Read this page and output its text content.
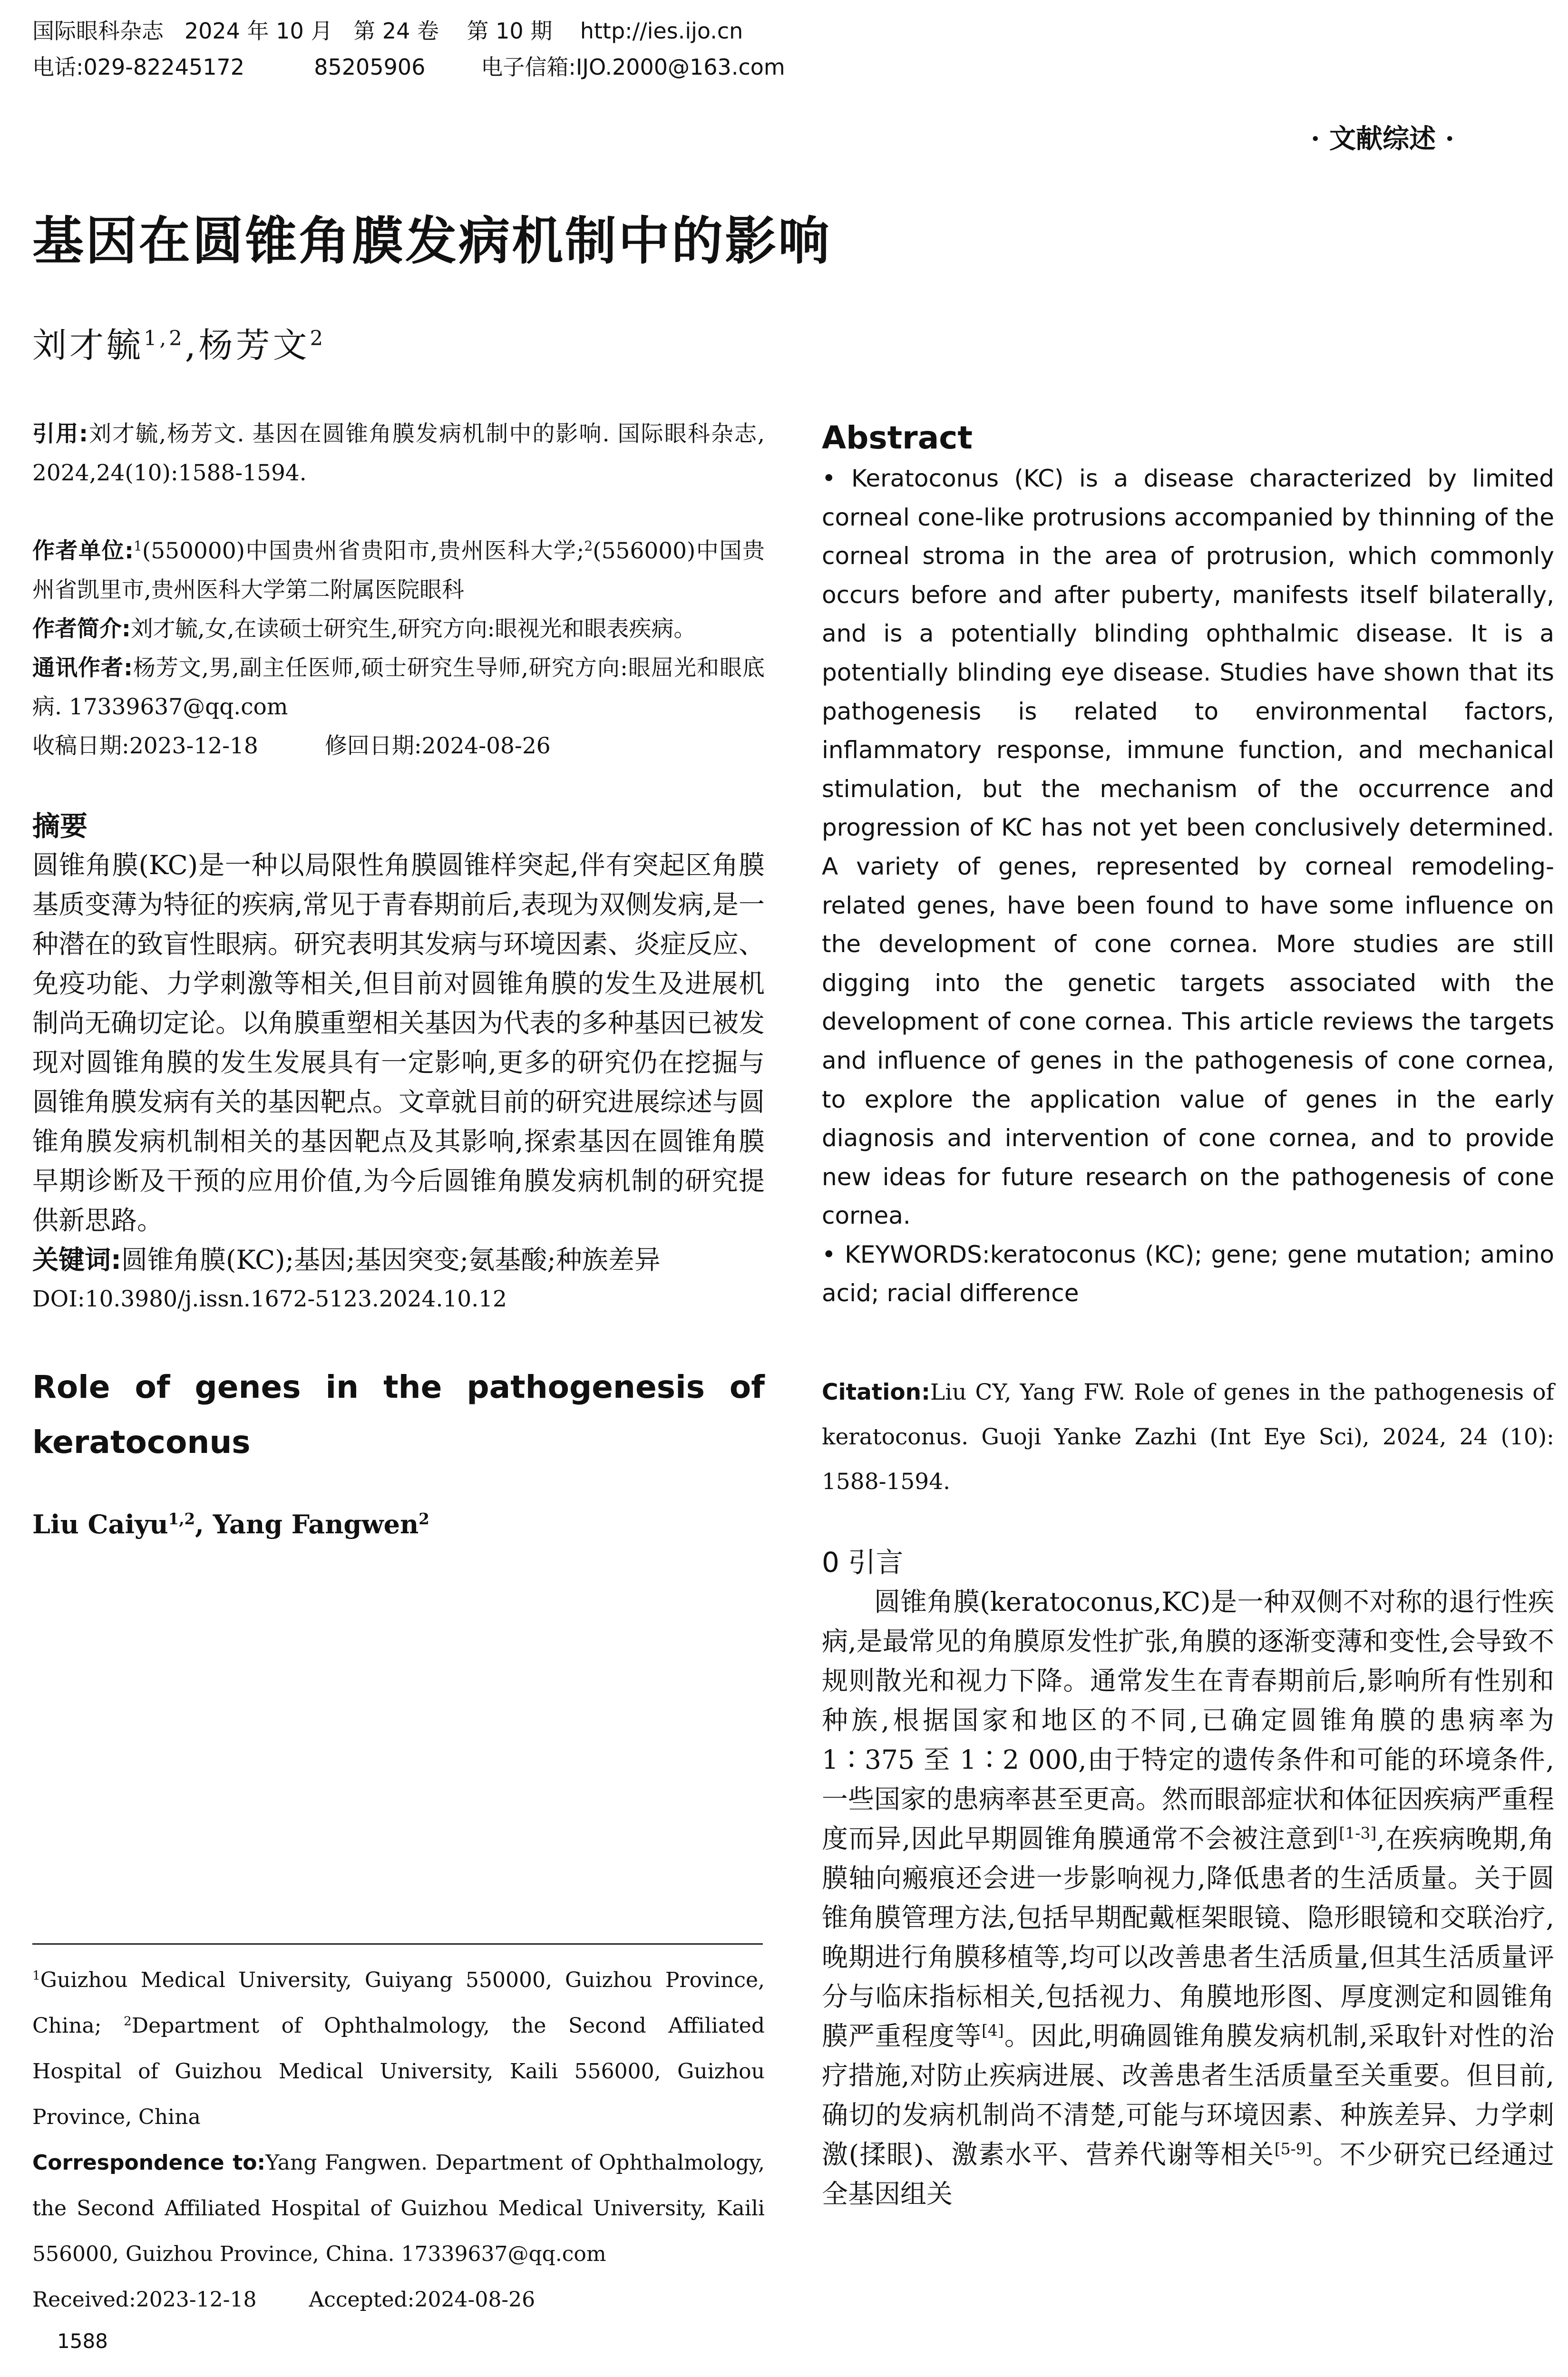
国际眼科杂志   2024 年 10 月   第 24 卷    第 10 期    http://ies.ijo.cn
电话:029-82245172          85205906        电子信箱:IJO.2000@163.com
· 文献综述 ·
基因在圆锥角膜发病机制中的影响
刘才毓$^{1,2}$,杨芳文$^2$

引用:刘才毓,杨芳文. 基因在圆锥角膜发病机制中的影响. 国际眼科杂志, 2024,24(10):1588-1594.

作者单位:$^1$(550000)中国贵州省贵阳市,贵州医科大学;$^2$(556000)中国贵州省凯里市,贵州医科大学第二附属医院眼科

作者简介:刘才毓,女,在读硕士研究生,研究方向:眼视光和眼表疾病。

通讯作者:杨芳文,男,副主任医师,硕士研究生导师,研究方向:眼屈光和眼底病. 17339637@qq.com

收稿日期:2023-12-18	修回日期:2024-08-26

摘要

圆锥角膜(KC)是一种以局限性角膜圆锥样突起,伴有突起区角膜基质变薄为特征的疾病,常见于青春期前后,表现为双侧发病,是一种潜在的致盲性眼病。研究表明其发病与环境因素、炎症反应、免疫功能、力学刺激等相关,但目前对圆锥角膜的发生及进展机制尚无确切定论。以角膜重塑相关基因为代表的多种基因已被发现对圆锥角膜的发生发展具有一定影响,更多的研究仍在挖掘与圆锥角膜发病有关的基因靶点。文章就目前的研究进展综述与圆锥角膜发病机制相关的基因靶点及其影响,探索基因在圆锥角膜早期诊断及干预的应用价值,为今后圆锥角膜发病机制的研究提供新思路。

关键词:圆锥角膜(KC);基因;基因突变;氨基酸;种族差异

DOI:10.3980/j.issn.1672-5123.2024.10.12

Role of genes in the pathogenesis of keratoconus
Liu Caiyu$^{1,2}$, Yang Fangwen$^2$

$^1$Guizhou Medical University, Guiyang 550000, Guizhou Province, China; $^2$Department of Ophthalmology, the Second Affiliated Hospital of Guizhou Medical University, Kaili 556000, Guizhou Province, China

Correspondence to:Yang Fangwen. Department of Ophthalmology, the Second Affiliated Hospital of Guizhou Medical University, Kaili 556000, Guizhou Province, China. 17339637@qq.com

Received:2023-12-18	Accepted:2024-08-26

1588
Abstract

• Keratoconus (KC) is a disease characterized by limited corneal cone-like protrusions accompanied by thinning of the corneal stroma in the area of protrusion, which commonly occurs before and after puberty, manifests itself bilaterally, and is a potentially blinding ophthalmic disease. It is a potentially blinding eye disease. Studies have shown that its pathogenesis is related to environmental factors, inflammatory response, immune function, and mechanical stimulation, but the mechanism of the occurrence and progression of KC has not yet been conclusively determined. A variety of genes, represented by corneal remodeling-related genes, have been found to have some influence on the development of cone cornea. More studies are still digging into the genetic targets associated with the development of cone cornea. This article reviews the targets and influence of genes in the pathogenesis of cone cornea, to explore the application value of genes in the early diagnosis and intervention of cone cornea, and to provide new ideas for future research on the pathogenesis of cone cornea.

• KEYWORDS:keratoconus (KC); gene; gene mutation; amino acid; racial difference

Citation:Liu CY, Yang FW. Role of genes in the pathogenesis of keratoconus. Guoji Yanke Zazhi (Int Eye Sci), 2024, 24 (10): 1588-1594.

0 引言

圆锥角膜(keratoconus,KC)是一种双侧不对称的退行性疾病,是最常见的角膜原发性扩张,角膜的逐渐变薄和变性,会导致不规则散光和视力下降。通常发生在青春期前后,影响所有性别和种族,根据国家和地区的不同,已确定圆锥角膜的患病率为 1∶375 至 1∶2 000,由于特定的遗传条件和可能的环境条件,一些国家的患病率甚至更高。然而眼部症状和体征因疾病严重程度而异,因此早期圆锥角膜通常不会被注意到[1-3],在疾病晚期,角膜轴向瘢痕还会进一步影响视力,降低患者的生活质量。关于圆锥角膜管理方法,包括早期配戴框架眼镜、隐形眼镜和交联治疗,晚期进行角膜移植等,均可以改善患者生活质量,但其生活质量评分与临床指标相关,包括视力、角膜地形图、厚度测定和圆锥角膜严重程度等[4]。因此,明确圆锥角膜发病机制,采取针对性的治疗措施,对防止疾病进展、改善患者生活质量至关重要。但目前,确切的发病机制尚不清楚,可能与环境因素、种族差异、力学刺激(揉眼)、激素水平、营养代谢等相关[5-9]。不少研究已经通过全基因组关
